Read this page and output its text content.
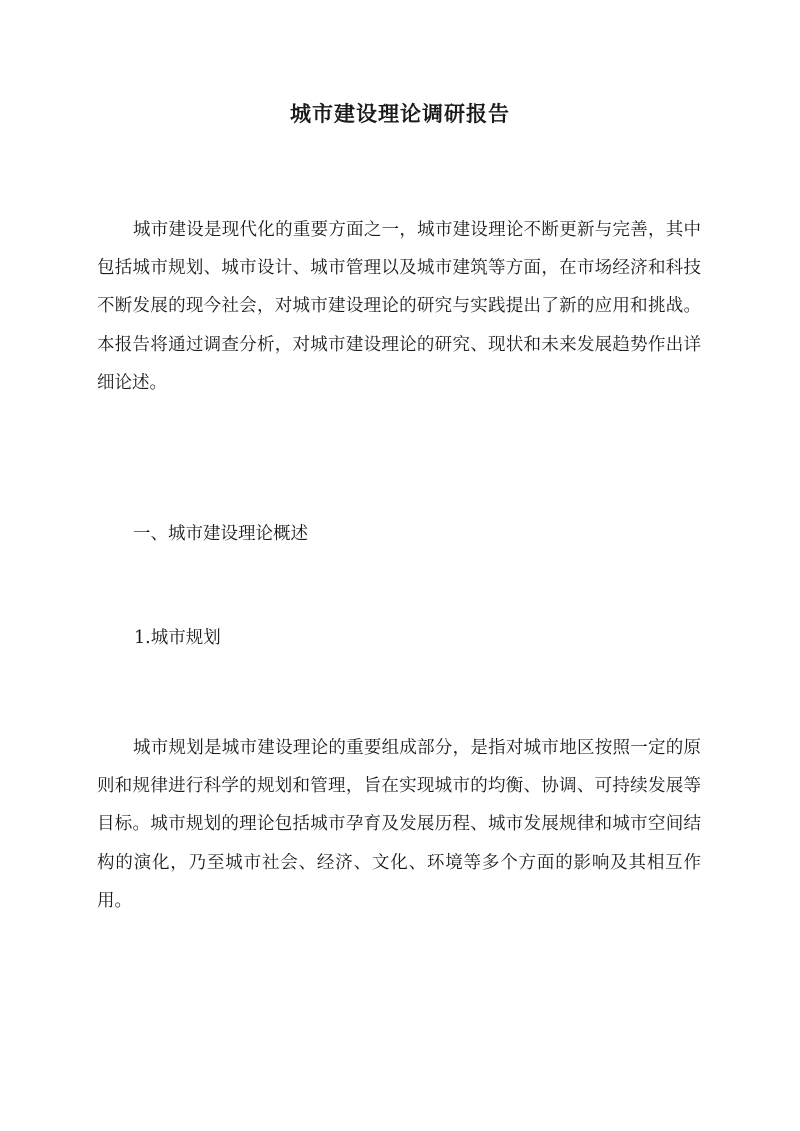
城市建设理论调研报告

城市建设是现代化的重要方面之一，城市建设理论不断更新与完善，其中包括城市规划、城市设计、城市管理以及城市建筑等方面，在市场经济和科技不断发展的现今社会，对城市建设理论的研究与实践提出了新的应用和挑战。本报告将通过调查分析，对城市建设理论的研究、现状和未来发展趋势作出详细论述。

一、城市建设理论概述

1.城市规划

城市规划是城市建设理论的重要组成部分，是指对城市地区按照一定的原则和规律进行科学的规划和管理，旨在实现城市的均衡、协调、可持续发展等目标。城市规划的理论包括城市孕育及发展历程、城市发展规律和城市空间结构的演化，乃至城市社会、经济、文化、环境等多个方面的影响及其相互作用。
